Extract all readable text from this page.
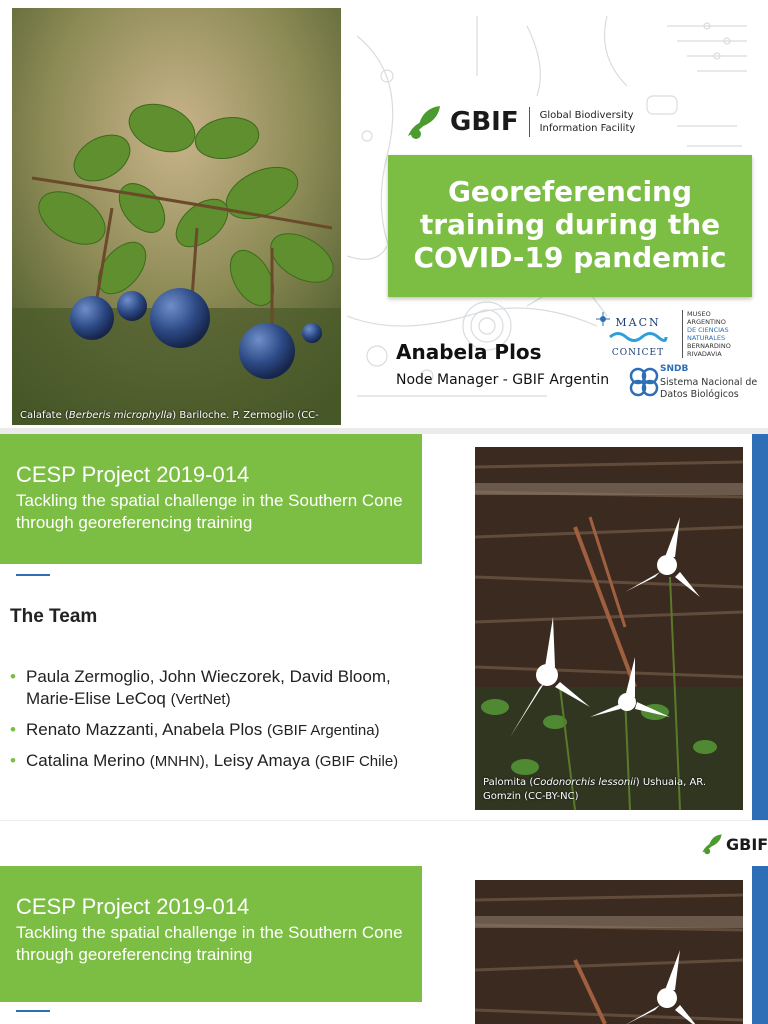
Calafate (Berberis microphylla) Bariloche. P. Zermoglio (CC-
GBIF Global Biodiversity
Information Facility
Georeferencing
training during the
COVID-19 pandemic
Anabela Plos
Node Manager - GBIF Argentin
MACN
CONICET
MUSEO
ARGENTINO
DE CIENCIAS
NATURALES
BERNARDINO
RIVADAVIA
SNDB
Sistema Nacional de
Datos Biológicos
CESP Project 2019-014
Tackling the spatial challenge in the Southern Cone through georeferencing training
The Team
• Paula Zermoglio, John Wieczorek, David Bloom, Marie-Elise LeCoq (VertNet)
• Renato Mazzanti, Anabela Plos (GBIF Argentina)
• Catalina Merino (MNHN), Leisy Amaya (GBIF Chile)
Palomita (Codonorchis lessonii) Ushuaia, AR. Gomzin (CC-BY-NC)
GBIF
CESP Project 2019-014
Tackling the spatial challenge in the Southern Cone through georeferencing training
